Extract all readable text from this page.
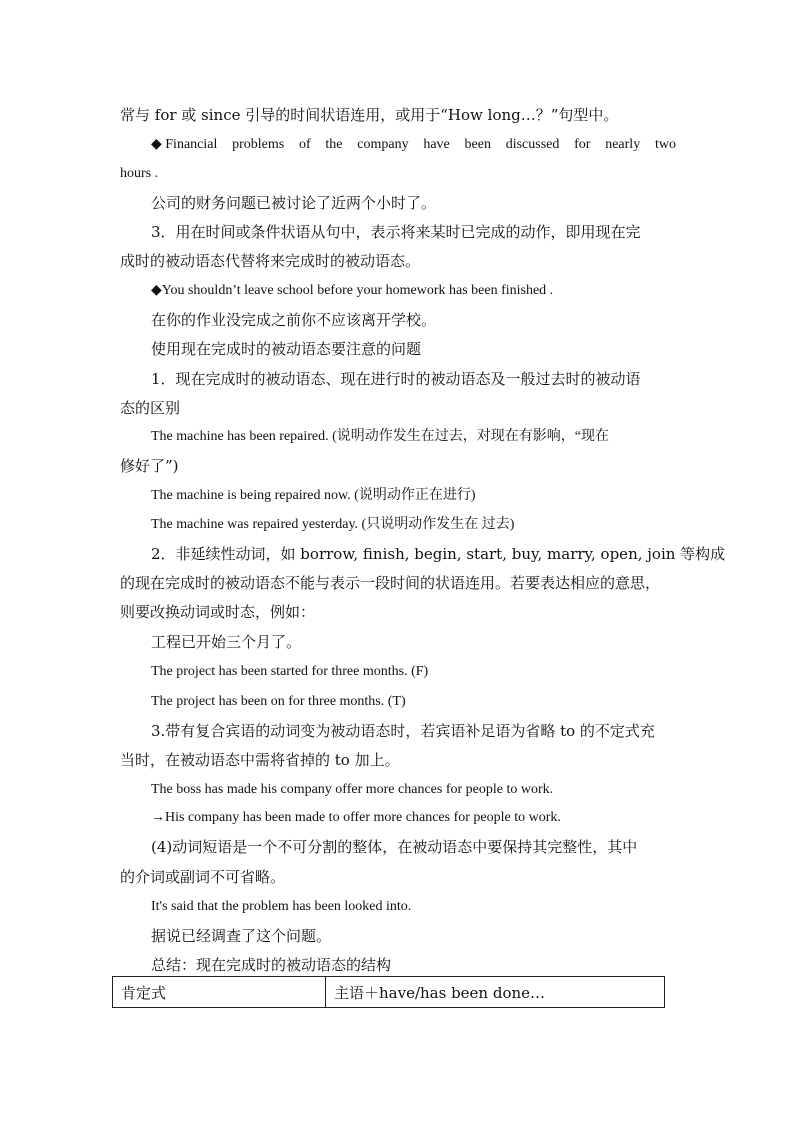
常与 for 或 since 引导的时间状语连用，或用于“How long…？”句型中。
◆ Financial problems of the company have been discussed for nearly two
hours .
公司的财务问题已被讨论了近两个小时了。
3．用在时间或条件状语从句中，表示将来某时已完成的动作，即用现在完
成时的被动语态代替将来完成时的被动语态。
◆You shouldn’t leave school before your homework has been finished .
在你的作业没完成之前你不应该离开学校。
使用现在完成时的被动语态要注意的问题
1．现在完成时的被动语态、现在进行时的被动语态及一般过去时的被动语
态的区别
The machine has been repaired. (说明动作发生在过去，对现在有影响，“现在
修好了”)
The machine is being repaired now. (说明动作正在进行)
The machine was repaired yesterday. (只说明动作发生在 过去)
2．非延续性动词，如 borrow, finish, begin, start, buy, marry, open, join 等构成
的现在完成时的被动语态不能与表示一段时间的状语连用。若要表达相应的意思，
则要改换动词或时态，例如：
工程已开始三个月了。
The project has been started for three months. (F)
The project has been on for three months. (T)
3.带有复合宾语的动词变为被动语态时，若宾语补足语为省略 to 的不定式充
当时，在被动语态中需将省掉的 to 加上。
The boss has made his company offer more chances for people to work.
→His company has been made to offer more chances for people to work.
(4)动词短语是一个不可分割的整体，在被动语态中要保持其完整性，其中
的介词或副词不可省略。
It's said that the problem has been looked into.
据说已经调查了这个问题。
总结：现在完成时的被动语态的结构
肯定式	主语＋have/has been done…
